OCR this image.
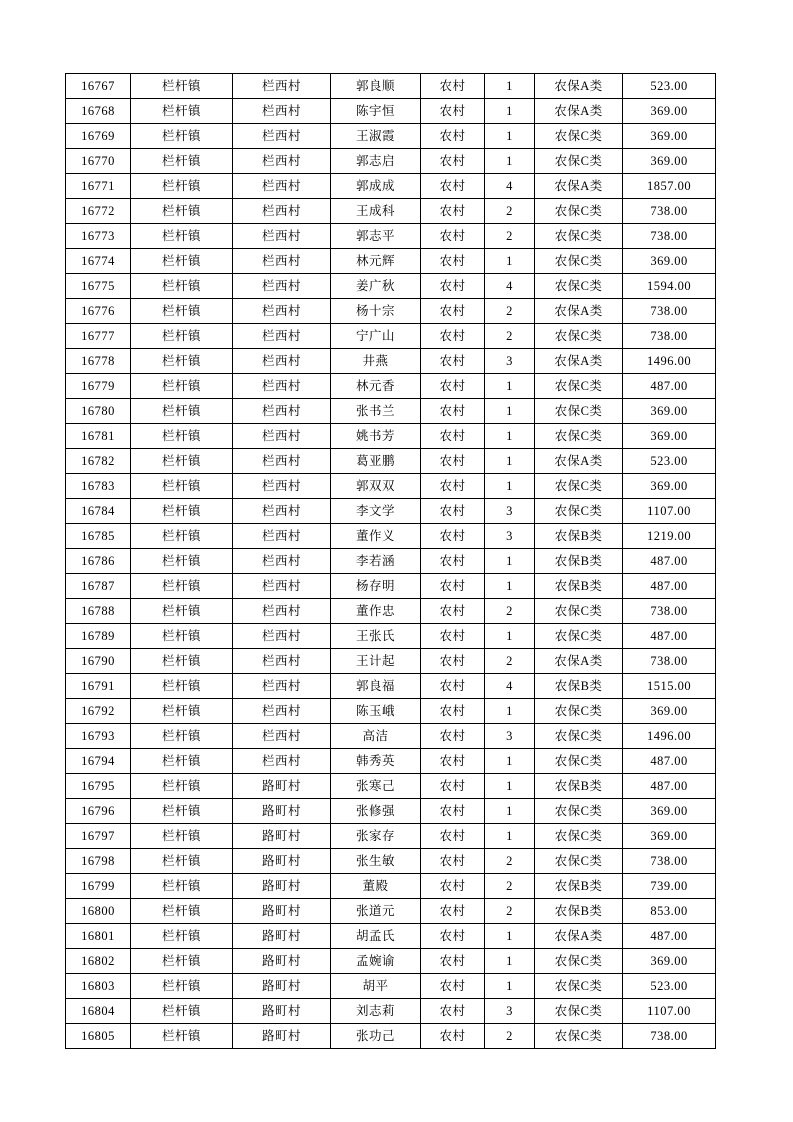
16767	栏杆镇	栏西村	郭良顺	农村	1	农保A类	523.00
16768	栏杆镇	栏西村	陈宇恒	农村	1	农保A类	369.00
16769	栏杆镇	栏西村	王淑霞	农村	1	农保C类	369.00
16770	栏杆镇	栏西村	郭志启	农村	1	农保C类	369.00
16771	栏杆镇	栏西村	郭成成	农村	4	农保A类	1857.00
16772	栏杆镇	栏西村	王成科	农村	2	农保C类	738.00
16773	栏杆镇	栏西村	郭志平	农村	2	农保C类	738.00
16774	栏杆镇	栏西村	林元辉	农村	1	农保C类	369.00
16775	栏杆镇	栏西村	姜广秋	农村	4	农保C类	1594.00
16776	栏杆镇	栏西村	杨十宗	农村	2	农保A类	738.00
16777	栏杆镇	栏西村	宁广山	农村	2	农保C类	738.00
16778	栏杆镇	栏西村	井燕	农村	3	农保A类	1496.00
16779	栏杆镇	栏西村	林元香	农村	1	农保C类	487.00
16780	栏杆镇	栏西村	张书兰	农村	1	农保C类	369.00
16781	栏杆镇	栏西村	姚书芳	农村	1	农保C类	369.00
16782	栏杆镇	栏西村	葛亚鹏	农村	1	农保A类	523.00
16783	栏杆镇	栏西村	郭双双	农村	1	农保C类	369.00
16784	栏杆镇	栏西村	李文学	农村	3	农保C类	1107.00
16785	栏杆镇	栏西村	董作义	农村	3	农保B类	1219.00
16786	栏杆镇	栏西村	李若涵	农村	1	农保B类	487.00
16787	栏杆镇	栏西村	杨存明	农村	1	农保B类	487.00
16788	栏杆镇	栏西村	董作忠	农村	2	农保C类	738.00
16789	栏杆镇	栏西村	王张氏	农村	1	农保C类	487.00
16790	栏杆镇	栏西村	王计起	农村	2	农保A类	738.00
16791	栏杆镇	栏西村	郭良福	农村	4	农保B类	1515.00
16792	栏杆镇	栏西村	陈玉峨	农村	1	农保C类	369.00
16793	栏杆镇	栏西村	高洁	农村	3	农保C类	1496.00
16794	栏杆镇	栏西村	韩秀英	农村	1	农保C类	487.00
16795	栏杆镇	路町村	张寒己	农村	1	农保B类	487.00
16796	栏杆镇	路町村	张修强	农村	1	农保C类	369.00
16797	栏杆镇	路町村	张家存	农村	1	农保C类	369.00
16798	栏杆镇	路町村	张生敏	农村	2	农保C类	738.00
16799	栏杆镇	路町村	董殿	农村	2	农保B类	739.00
16800	栏杆镇	路町村	张道元	农村	2	农保B类	853.00
16801	栏杆镇	路町村	胡孟氏	农村	1	农保A类	487.00
16802	栏杆镇	路町村	孟婉谕	农村	1	农保C类	369.00
16803	栏杆镇	路町村	胡平	农村	1	农保C类	523.00
16804	栏杆镇	路町村	刘志莉	农村	3	农保C类	1107.00
16805	栏杆镇	路町村	张功己	农村	2	农保C类	738.00
